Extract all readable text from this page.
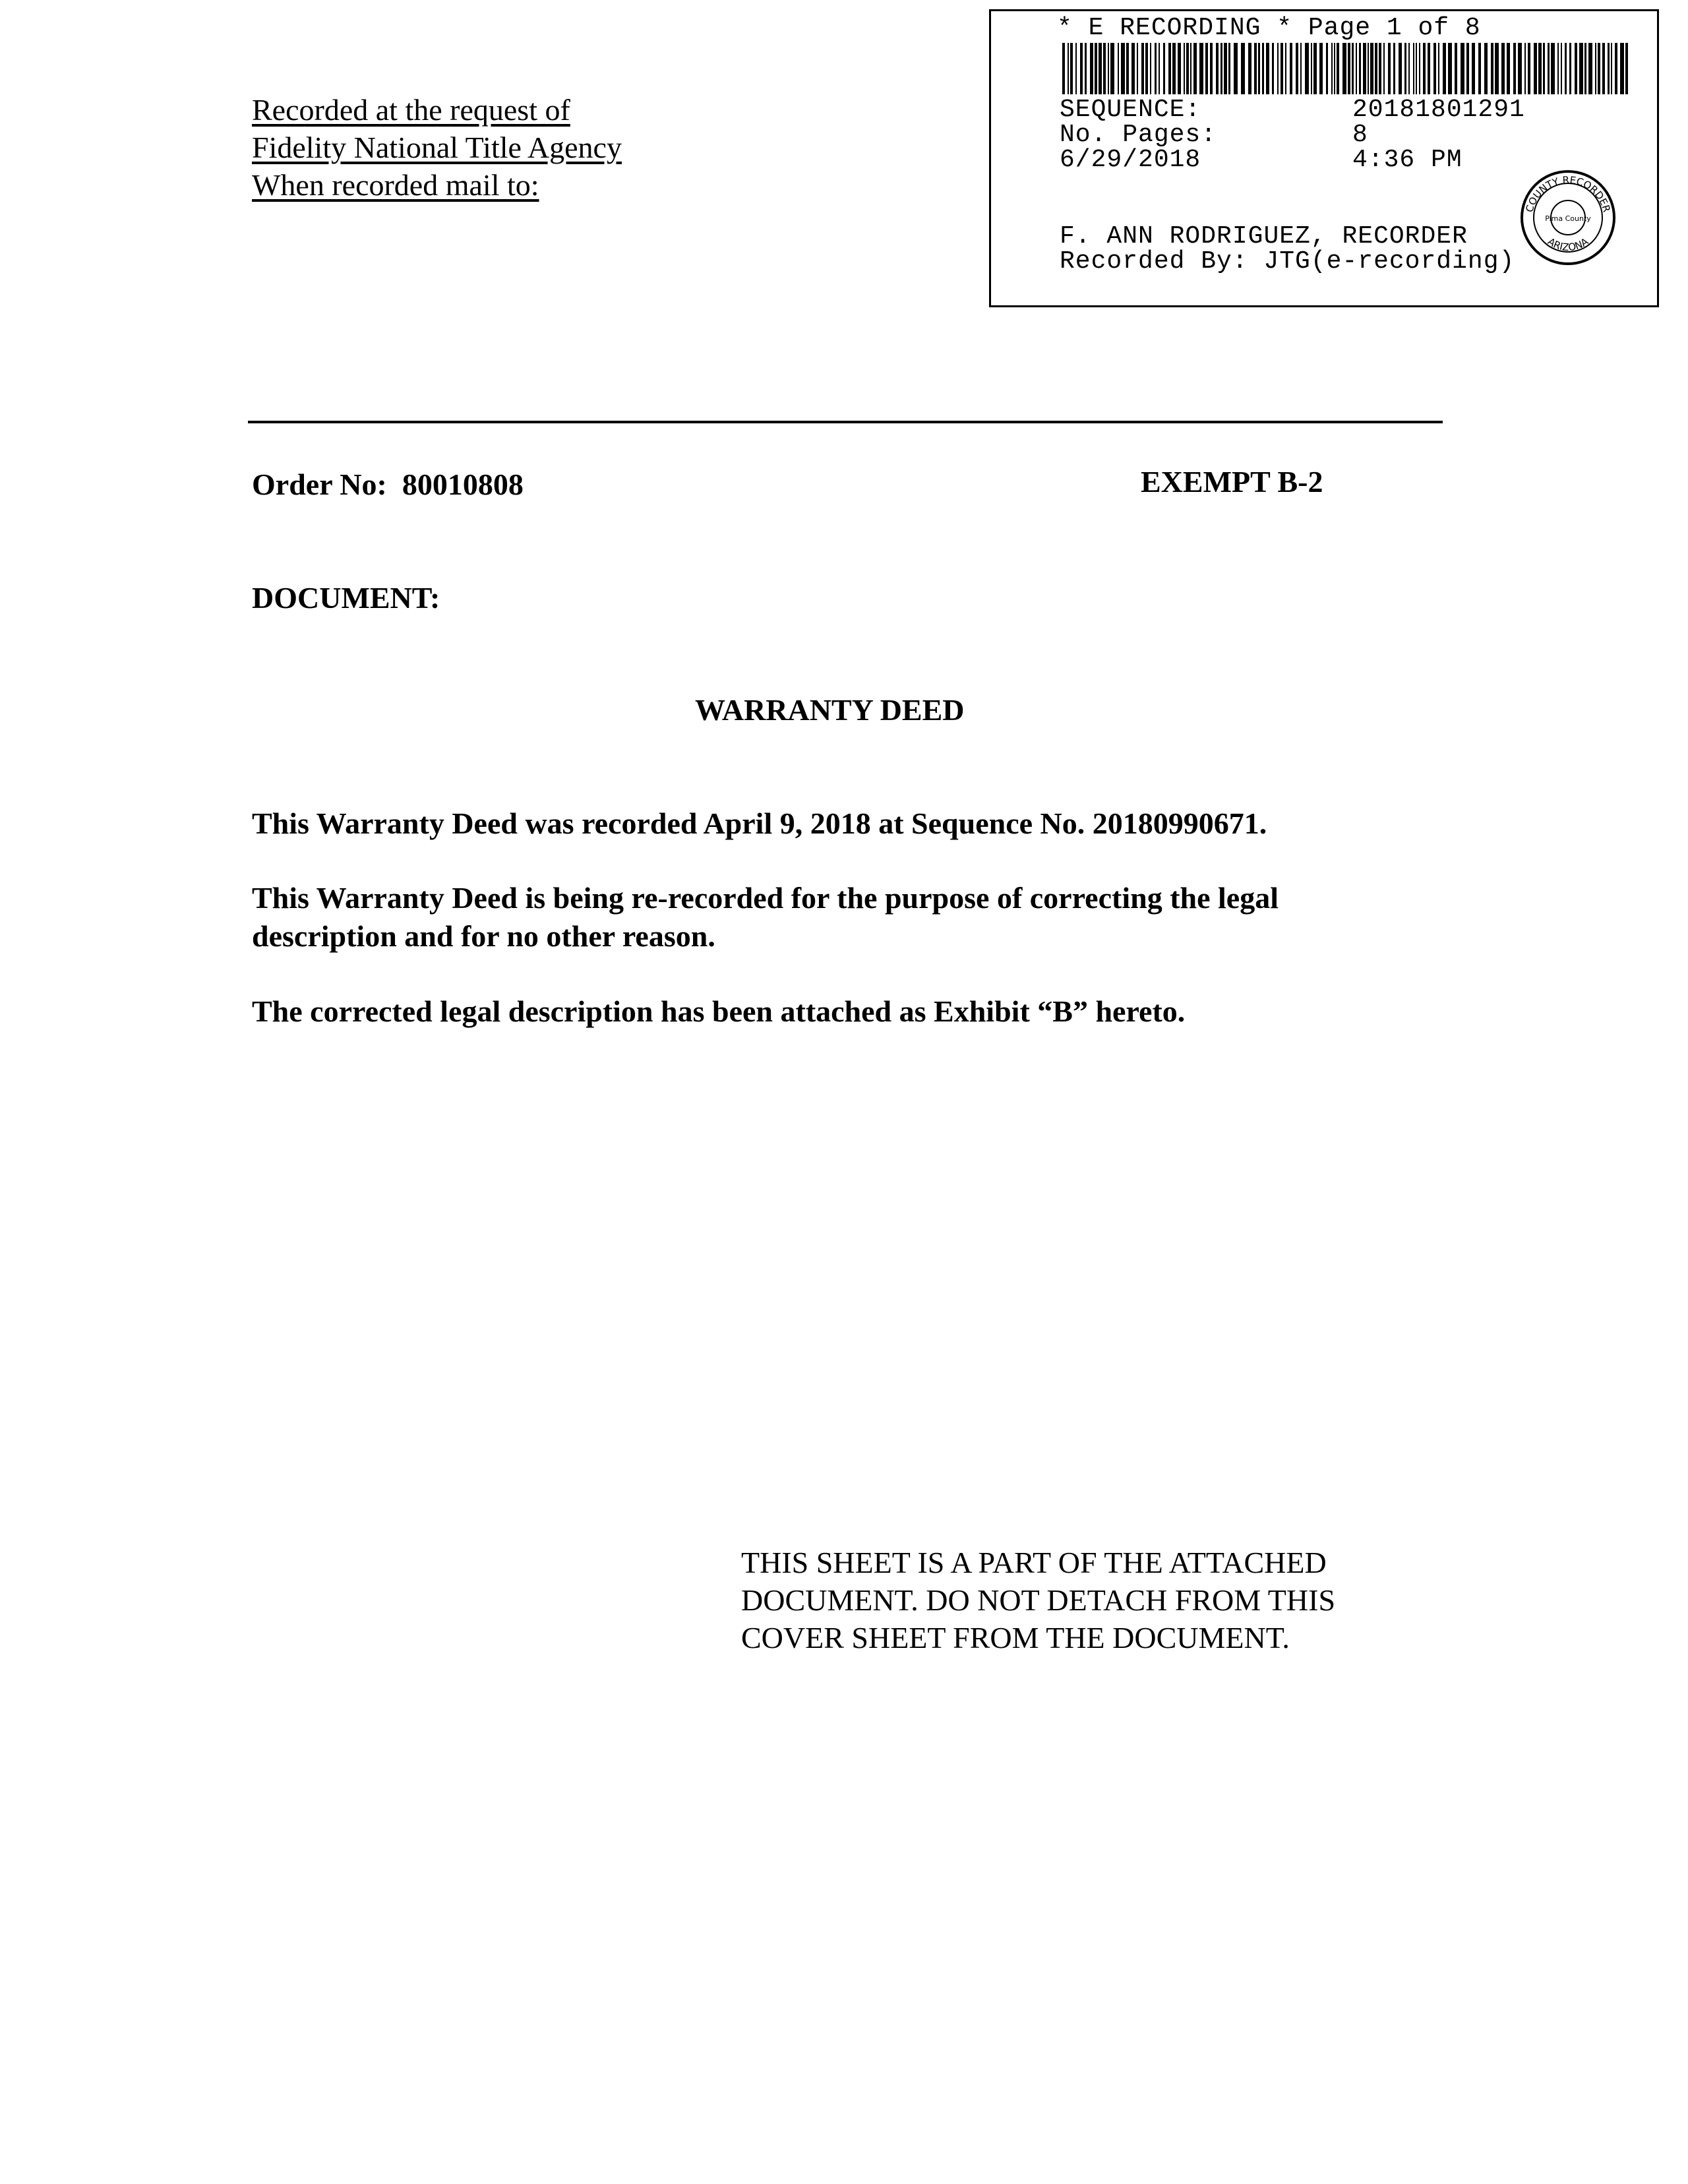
Recorded at the request of
Fidelity National Title Agency
When recorded mail to:
* E RECORDING * Page 1 of 8
SEQUENCE:	20181801291
No. Pages:	8
6/29/2018	4:36 PM
F. ANN RODRIGUEZ, RECORDER
Recorded By: JTG(e-recording)
COUNTY RECORDER
ARIZONA
Pima County
Order No: 80010808	EXEMPT B-2
DOCUMENT:
WARRANTY DEED
This Warranty Deed was recorded April 9, 2018 at Sequence No. 20180990671.
This Warranty Deed is being re-recorded for the purpose of correcting the legal
description and for no other reason.
The corrected legal description has been attached as Exhibit “B” hereto.
THIS SHEET IS A PART OF THE ATTACHED
DOCUMENT. DO NOT DETACH FROM THIS
COVER SHEET FROM THE DOCUMENT.
